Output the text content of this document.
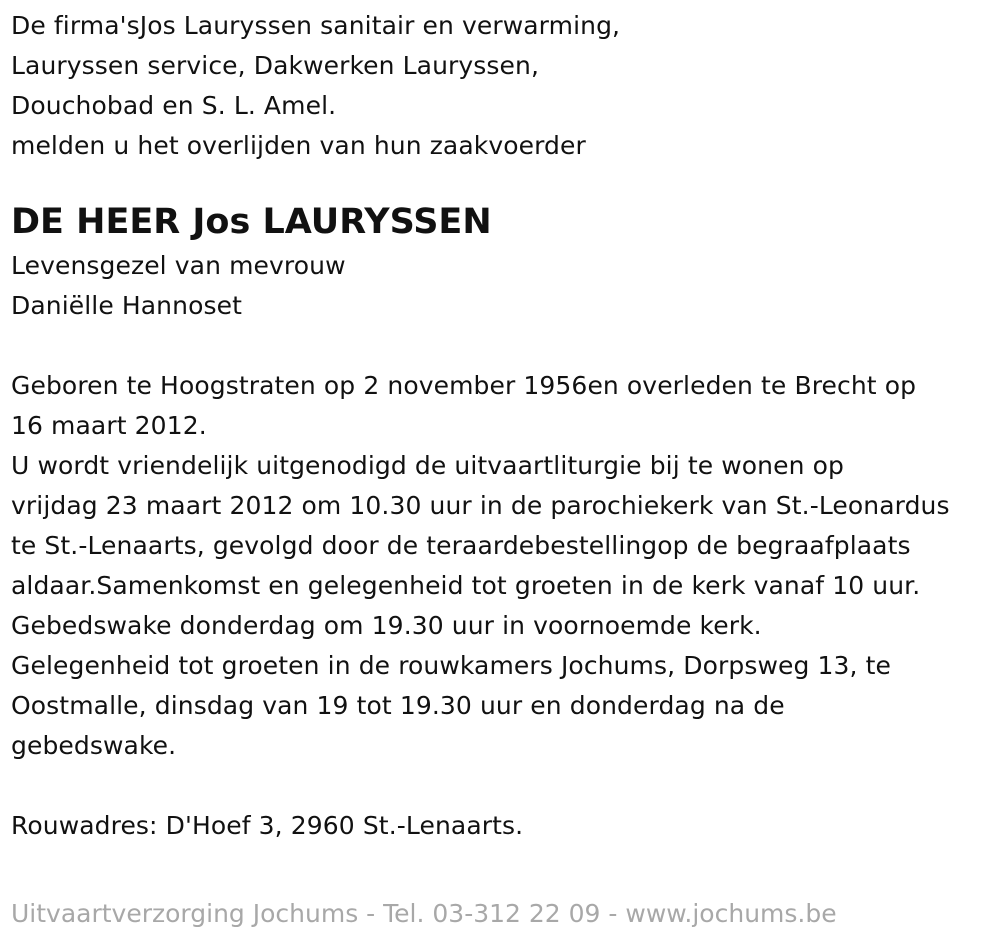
De firma'sJos Lauryssen sanitair en verwarming,
Lauryssen service, Dakwerken Lauryssen,
Douchobad en S. L. Amel.
melden u het overlijden van hun zaakvoerder
DE HEER Jos LAURYSSEN
Levensgezel van mevrouw
Daniëlle Hannoset
Geboren te Hoogstraten op 2 november 1956en overleden te Brecht op
16 maart 2012.
U wordt vriendelijk uitgenodigd de uitvaartliturgie bij te wonen op
vrijdag 23 maart 2012 om 10.30 uur in de parochiekerk van St.-Leonardus
te St.-Lenaarts, gevolgd door de teraardebestellingop de begraafplaats
aldaar.Samenkomst en gelegenheid tot groeten in de kerk vanaf 10 uur.
Gebedswake donderdag om 19.30 uur in voornoemde kerk.
Gelegenheid tot groeten in de rouwkamers Jochums, Dorpsweg 13, te
Oostmalle, dinsdag van 19 tot 19.30 uur en donderdag na de
gebedswake.
Rouwadres: D'Hoef 3, 2960 St.-Lenaarts.
Uitvaartverzorging Jochums - Tel. 03-312 22 09 - www.jochums.be
